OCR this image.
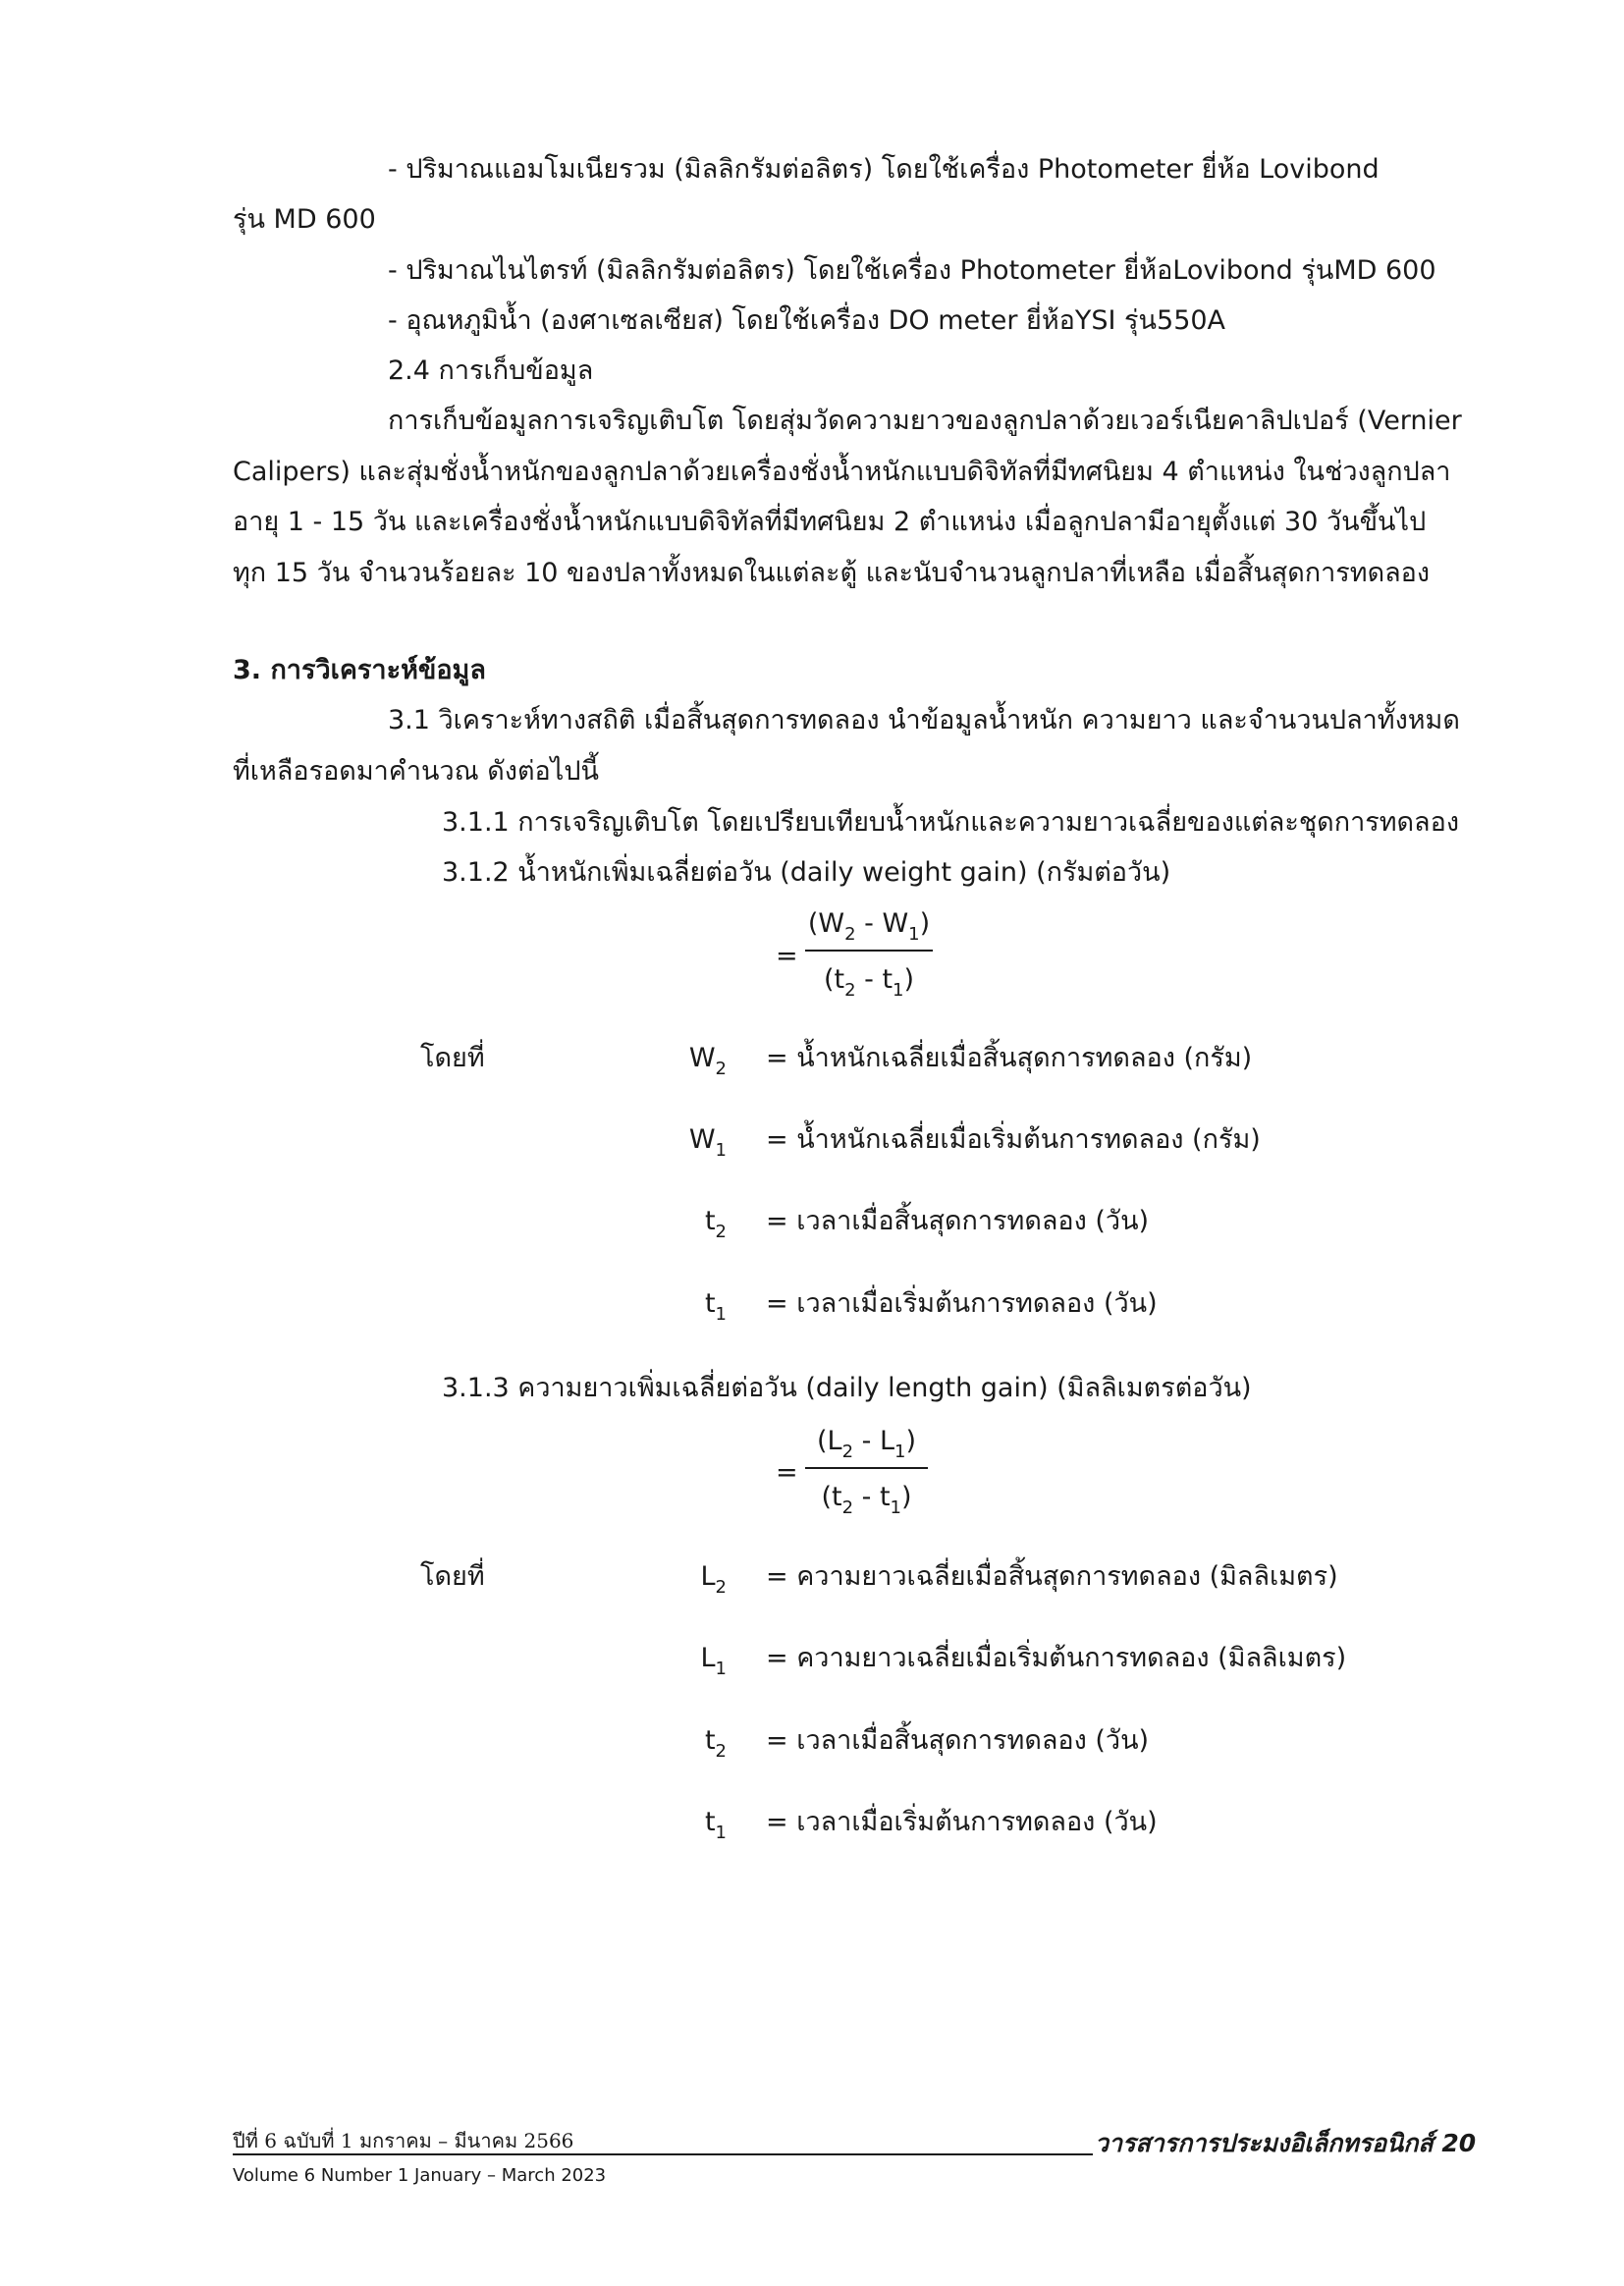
- ปริมาณแอมโมเนียรวม (มิลลิกรัมต่อลิตร) โดยใช้เครื่อง Photometer ยี่ห้อ Lovibond
รุ่น MD 600
- ปริมาณไนไตรท์ (มิลลิกรัมต่อลิตร) โดยใช้เครื่อง Photometer ยี่ห้อLovibond รุ่นMD 600
- อุณหภูมิน้ำ (องศาเซลเซียส) โดยใช้เครื่อง DO meter ยี่ห้อYSI รุ่น550A
2.4 การเก็บข้อมูล
การเก็บข้อมูลการเจริญเติบโต โดยสุ่มวัดความยาวของลูกปลาด้วยเวอร์เนียคาลิปเปอร์ (Vernier
Calipers) และสุ่มชั่งน้ำหนักของลูกปลาด้วยเครื่องชั่งน้ำหนักแบบดิจิทัลที่มีทศนิยม 4 ตำแหน่ง ในช่วงลูกปลา
อายุ 1 - 15 วัน และเครื่องชั่งน้ำหนักแบบดิจิทัลที่มีทศนิยม 2 ตำแหน่ง เมื่อลูกปลามีอายุตั้งแต่ 30 วันขึ้นไป
ทุก 15 วัน จำนวนร้อยละ 10 ของปลาทั้งหมดในแต่ละตู้ และนับจำนวนลูกปลาที่เหลือ เมื่อสิ้นสุดการทดลอง
3. การวิเคราะห์ข้อมูล
3.1 วิเคราะห์ทางสถิติ เมื่อสิ้นสุดการทดลอง นำข้อมูลน้ำหนัก ความยาว และจำนวนปลาทั้งหมด
ที่เหลือรอดมาคำนวณ ดังต่อไปนี้
3.1.1 การเจริญเติบโต โดยเปรียบเทียบน้ำหนักและความยาวเฉลี่ยของแต่ละชุดการทดลอง
3.1.2 น้ำหนักเพิ่มเฉลี่ยต่อวัน (daily weight gain) (กรัมต่อวัน)
=
$(W_2 - W_1)$
$(t_2 - t_1)$
โดยที่	$W_2$ = น้ำหนักเฉลี่ยเมื่อสิ้นสุดการทดลอง (กรัม)
$W_1$ = น้ำหนักเฉลี่ยเมื่อเริ่มต้นการทดลอง (กรัม)
$t_2$ = เวลาเมื่อสิ้นสุดการทดลอง (วัน)
$t_1$ = เวลาเมื่อเริ่มต้นการทดลอง (วัน)
3.1.3 ความยาวเพิ่มเฉลี่ยต่อวัน (daily length gain) (มิลลิเมตรต่อวัน)
=
$(L_2 - L_1)$
$(t_2 - t_1)$
โดยที่	$L_2$ = ความยาวเฉลี่ยเมื่อสิ้นสุดการทดลอง (มิลลิเมตร)
$L_1$ = ความยาวเฉลี่ยเมื่อเริ่มต้นการทดลอง (มิลลิเมตร)
$t_2$ = เวลาเมื่อสิ้นสุดการทดลอง (วัน)
$t_1$ = เวลาเมื่อเริ่มต้นการทดลอง (วัน)
ปีที่ 6 ฉบับที่ 1 มกราคม – มีนาคม 2566	วารสารการประมงอิเล็กทรอนิกส์ 20
Volume 6 Number 1 January – March 2023
